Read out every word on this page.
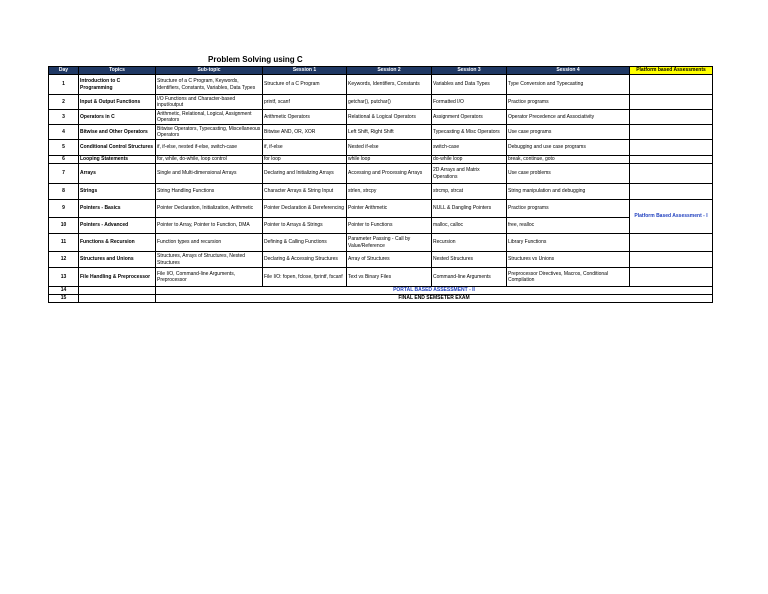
Problem Solving using C
Day	Topics	Sub-topic	Session 1	Session 2	Session 3	Session 4	Platform based Assessments
1	Introduction to C Programming	Structure of a C Program, Keywords, Identifiers, Constants, Variables, Data Types	Structure of a C Program	Keywords, Identifiers, Constants	Variables and Data Types	Type Conversion and Typecasting	
2	Input & Output Functions	I/O Functions and Character-based input/output	printf, scanf	getchar(), putchar()	Formatted I/O	Practice programs	
3	Operators in C	Arithmetic, Relational, Logical, Assignment Operators	Arithmetic Operators	Relational & Logical Operators	Assignment Operators	Operator Precedence and Associativity	
4	Bitwise and Other Operators	Bitwise Operators, Typecasting, Miscellaneous Operators	Bitwise AND, OR, XOR	Left Shift, Right Shift	Typecasting & Misc Operators	Use case programs	
5	Conditional Control Structures	if, if-else, nested if-else, switch-case	if, if-else	Nested if-else	switch-case	Debugging and use case programs	
6	Looping Statements	for, while, do-while, loop control	for loop	while loop	do-while loop	break, continue, goto	
7	Arrays	Single and Multi-dimensional Arrays	Declaring and Initializing Arrays	Accessing and Processing Arrays	2D Arrays and Matrix Operations	Use case problems	
8	Strings	String Handling Functions	Character Arrays & String Input	strlen, strcpy	strcmp, strcat	String manipulation and debugging	
9	Pointers - Basics	Pointer Declaration, Initialization, Arithmetic	Pointer Declaration & Dereferencing	Pointer Arithmetic	NULL & Dangling Pointers	Practice programs	Platform Based Assessment - I
10	Pointers - Advanced	Pointer to Array, Pointer to Function, DMA	Pointer to Arrays & Strings	Pointer to Functions	malloc, calloc	free, realloc	
11	Functions & Recursion	Function types and recursion	Defining & Calling Functions	Parameter Passing - Call by Value/Reference	Recursion	Library Functions	
12	Structures and Unions	Structures, Arrays of Structures, Nested Structures	Declaring & Accessing Structures	Array of Structures	Nested Structures	Structures vs Unions	
13	File Handling & Preprocessor	File I/O, Command-line Arguments, Preprocessor	File I/O: fopen, fclose, fprintf, fscanf	Text vs Binary Files	Command-line Arguments	Preprocessor Directives, Macros, Conditional Compilation	
14		PORTAL BASED ASSESSMENT - II					
15		FINAL END SEMSETER EXAM					
